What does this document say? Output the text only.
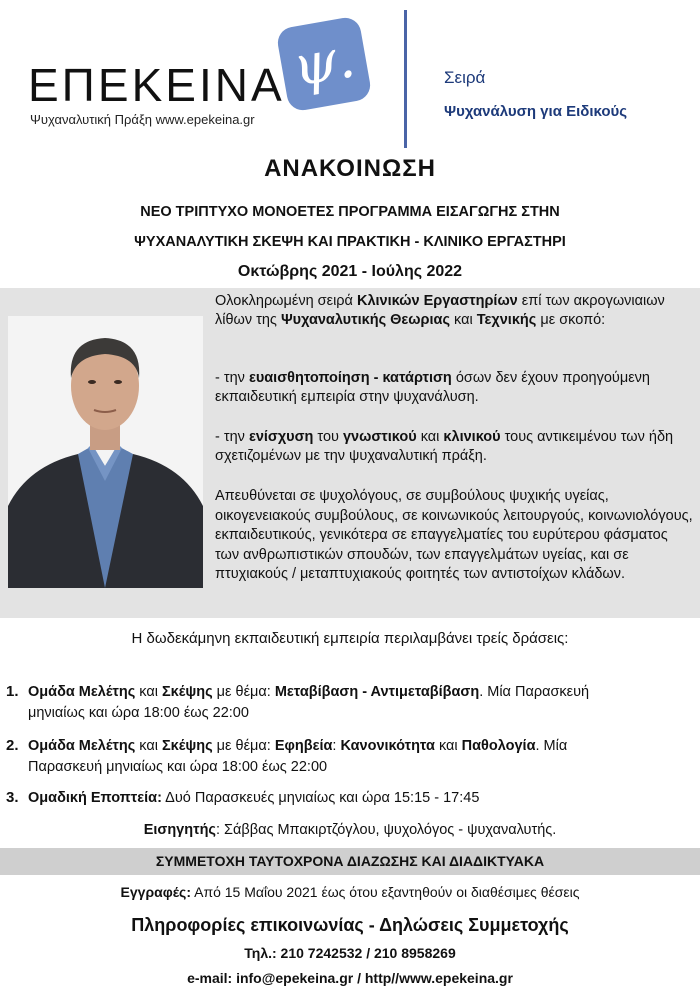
ψ.
ΕΠΕΚΕΙΝΑ
Ψυχαναλυτική Πράξη www.epekeina.gr
Σειρά
Ψυχανάλυση για Ειδικούς
ΑΝΑΚΟΙΝΩΣΗ
ΝΕΟ ΤΡΙΠΤΥΧΟ ΜΟΝΟΕΤΕΣ ΠΡΟΓΡΑΜΜΑ ΕΙΣΑΓΩΓΗΣ ΣΤΗΝ
ΨΥΧΑΝΑΛΥΤΙΚΗ ΣΚΕΨΗ ΚΑΙ ΠΡΑΚΤΙΚΗ - ΚΛΙΝΙΚΟ ΕΡΓΑΣΤΗΡΙ
Οκτώβρης 2021 - Ιούλης 2022
Ολοκληρωμένη σειρά Κλινικών Εργαστηρίων επί των ακρογωνιαιων λίθων της Ψυχαναλυτικής Θεωριας και Τεχνικής με σκοπό:
- την ευαισθητοποίηση - κατάρτιση όσων δεν έχουν προηγούμενη εκπαιδευτική εμπειρία στην ψυχανάλυση.
- την ενίσχυση του γνωστικού και κλινικού τους αντικειμένου των ήδη σχετιζομένων με την ψυχαναλυτική πράξη.
Απευθύνεται σε ψυχολόγους, σε συμβούλους ψυχικής υγείας, οικογενειακούς συμβούλους, σε κοινωνικούς λειτουργούς, κοινωνιολόγους, εκπαιδευτικούς, γενικότερα σε επαγγελματίες του ευρύτερου φάσματος των ανθρωπιστικών σπουδών, των επαγγελμάτων υγείας, και σε πτυχιακούς / μεταπτυχιακούς φοιτητές των αντιστοίχων κλάδων.
Η δωδεκάμηνη εκπαιδευτική εμπειρία περιλαμβάνει τρείς δράσεις:
1. Ομάδα Μελέτης και Σκέψης με θέμα: Μεταβίβαση - Αντιμεταβίβαση. Μία Παρασκευή
μηνιαίως και ώρα 18:00 έως 22:00
2. Ομάδα Μελέτης και Σκέψης με θέμα: Εφηβεία: Κανονικότητα και Παθολογία. Μία
Παρασκευή μηνιαίως και ώρα 18:00 έως 22:00
3. Ομαδική Εποπτεία: Δυό Παρασκευές μηνιαίως και ώρα 15:15 - 17:45
Εισηγητής: Σάββας Μπακιρτζόγλου, ψυχολόγος - ψυχαναλυτής.
ΣΥΜΜΕΤΟΧΗ ΤΑΥΤΟΧΡΟΝΑ ΔΙΑΖΩΣΗΣ ΚΑΙ ΔΙΑΔΙΚΤΥΑΚΑ
Εγγραφές: Από 15 Μαΐου 2021 έως ότου εξαντηθούν οι διαθέσιμες θέσεις
Πληροφορίες επικοινωνίας - Δηλώσεις Συμμετοχής
Τηλ.: 210 7242532 / 210 8958269
e-mail: info@epekeina.gr / http//www.epekeina.gr
